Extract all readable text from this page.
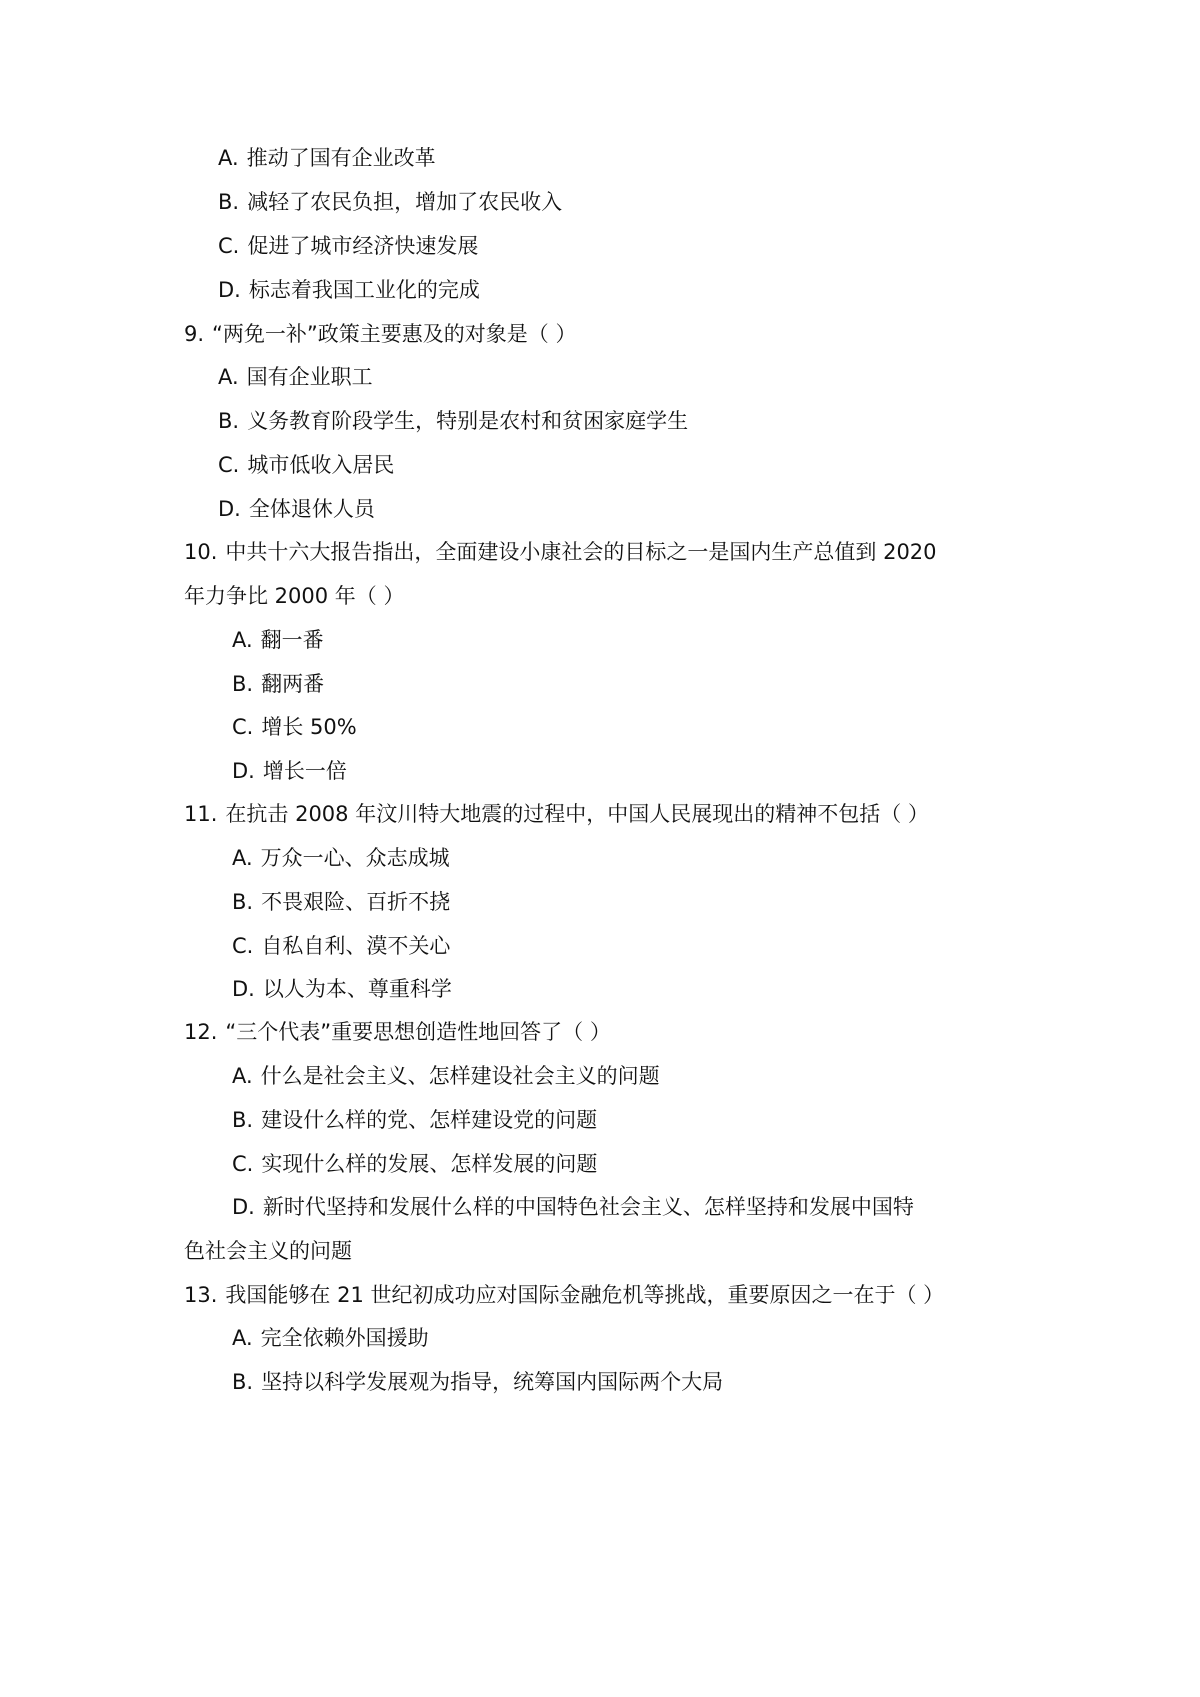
A. 推动了国有企业改革
B. 减轻了农民负担，增加了农民收入
C. 促进了城市经济快速发展
D. 标志着我国工业化的完成
9. “两免一补”政策主要惠及的对象是（ ）
A. 国有企业职工
B. 义务教育阶段学生，特别是农村和贫困家庭学生
C. 城市低收入居民
D. 全体退休人员
10. 中共十六大报告指出，全面建设小康社会的目标之一是国内生产总值到 2020
年力争比 2000 年（ ）
A. 翻一番
B. 翻两番
C. 增长 50%
D. 增长一倍
11. 在抗击 2008 年汶川特大地震的过程中，中国人民展现出的精神不包括（ ）
A. 万众一心、众志成城
B. 不畏艰险、百折不挠
C. 自私自利、漠不关心
D. 以人为本、尊重科学
12. “三个代表”重要思想创造性地回答了（ ）
A. 什么是社会主义、怎样建设社会主义的问题
B. 建设什么样的党、怎样建设党的问题
C. 实现什么样的发展、怎样发展的问题
D. 新时代坚持和发展什么样的中国特色社会主义、怎样坚持和发展中国特
色社会主义的问题
13. 我国能够在 21 世纪初成功应对国际金融危机等挑战，重要原因之一在于（ ）
A. 完全依赖外国援助
B. 坚持以科学发展观为指导，统筹国内国际两个大局
